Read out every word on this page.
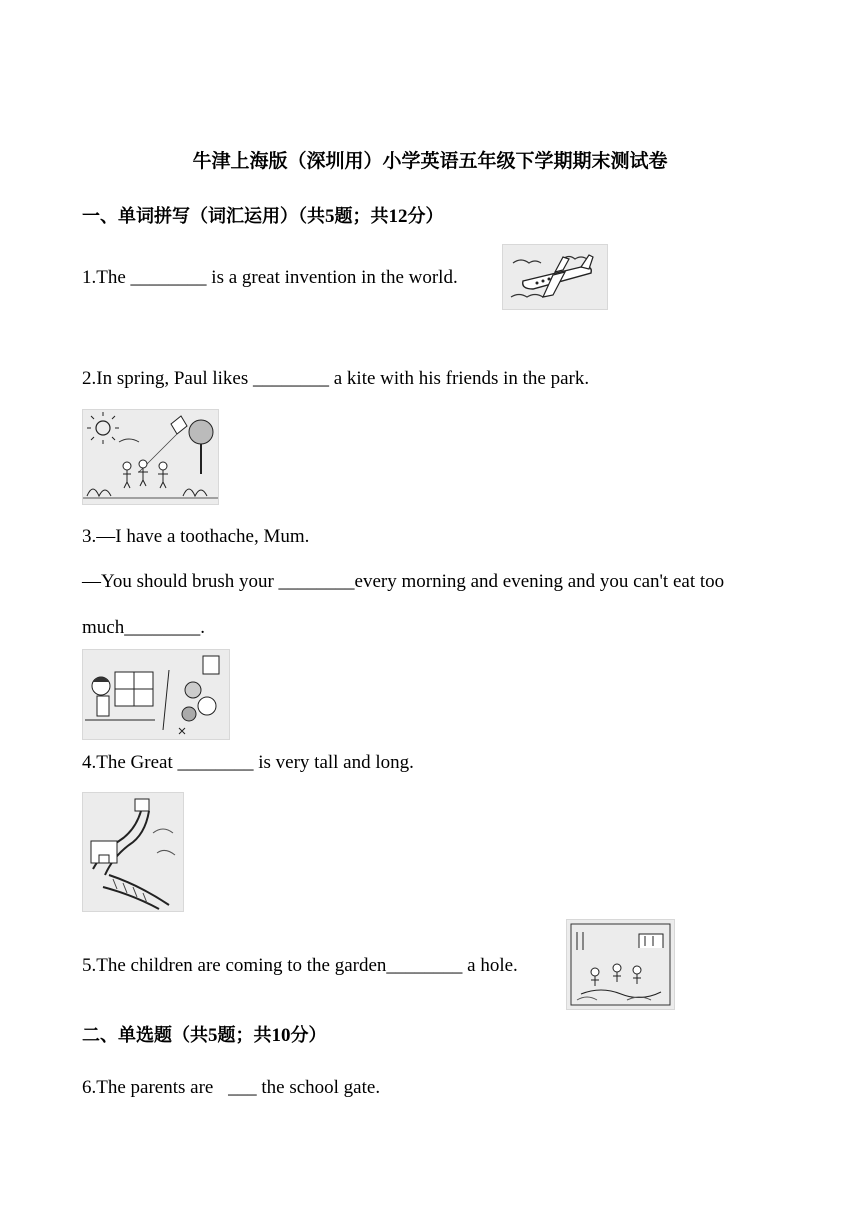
牛津上海版（深圳用）小学英语五年级下学期期末测试卷
一、单词拼写（词汇运用）（共5题；共12分）
1.The ________ is a great invention in the world.
2.In spring, Paul likes ________ a kite with his friends in the park.
3.—I have a toothache, Mum.
—You should brush your ________every morning and evening and you can't eat too
much________.
4.The Great ________ is very tall and long.
5.The children are coming to the garden________ a hole.
二、单选题（共5题；共10分）
6.The parents are ___ the school gate.
